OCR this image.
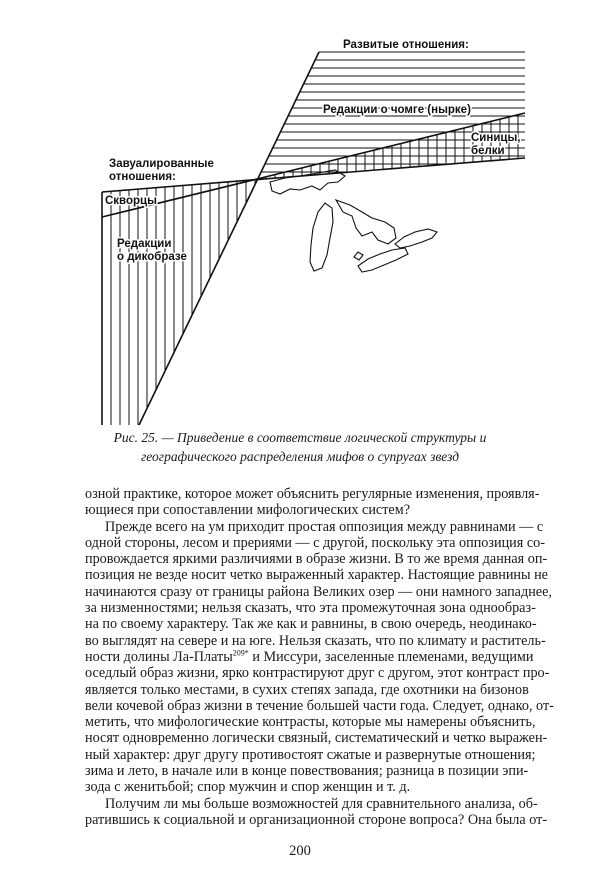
Развитые отношения:
Редакции о чомге (нырке)
Синицы,
белки
Завуалированные
отношения:
Скворцы
Редакции
о дикобразе
Рис. 25. — Приведение в соответствие логической структуры и
географического распределения мифов о супругах звезд
озной практике, которое может объяснить регулярные изменения, проявля-
ющиеся при сопоставлении мифологических систем?
Прежде всего на ум приходит простая оппозиция между равнинами — с
одной стороны, лесом и прериями — с другой, поскольку эта оппозиция со-
провождается яркими различиями в образе жизни. В то же время данная оп-
позиция не везде носит четко выраженный характер. Настоящие равнины не
начинаются сразу от границы района Великих озер — они намного западнее,
за низменностями; нельзя сказать, что эта промежуточная зона однообраз-
на по своему характеру. Так же как и равнины, в свою очередь, неодинако-
во выглядят на севере и на юге. Нельзя сказать, что по климату и раститель-
ности долины Ла-Платы$^{209*}$ и Миссури, заселенные племенами, ведущими
оседлый образ жизни, ярко контрастируют друг с другом, этот контраст про-
является только местами, в сухих степях запада, где охотники на бизонов
вели кочевой образ жизни в течение большей части года. Следует, однако, от-
метить, что мифологические контрасты, которые мы намерены объяснить,
носят одновременно логически связный, систематический и четко выражен-
ный характер: друг другу противостоят сжатые и развернутые отношения;
зима и лето, в начале или в конце повествования; разница в позиции эпи-
зода с женитьбой; спор мужчин и спор женщин и т. д.
Получим ли мы больше возможностей для сравнительного анализа, об-
ратившись к социальной и организационной стороне вопроса? Она была от-
200
